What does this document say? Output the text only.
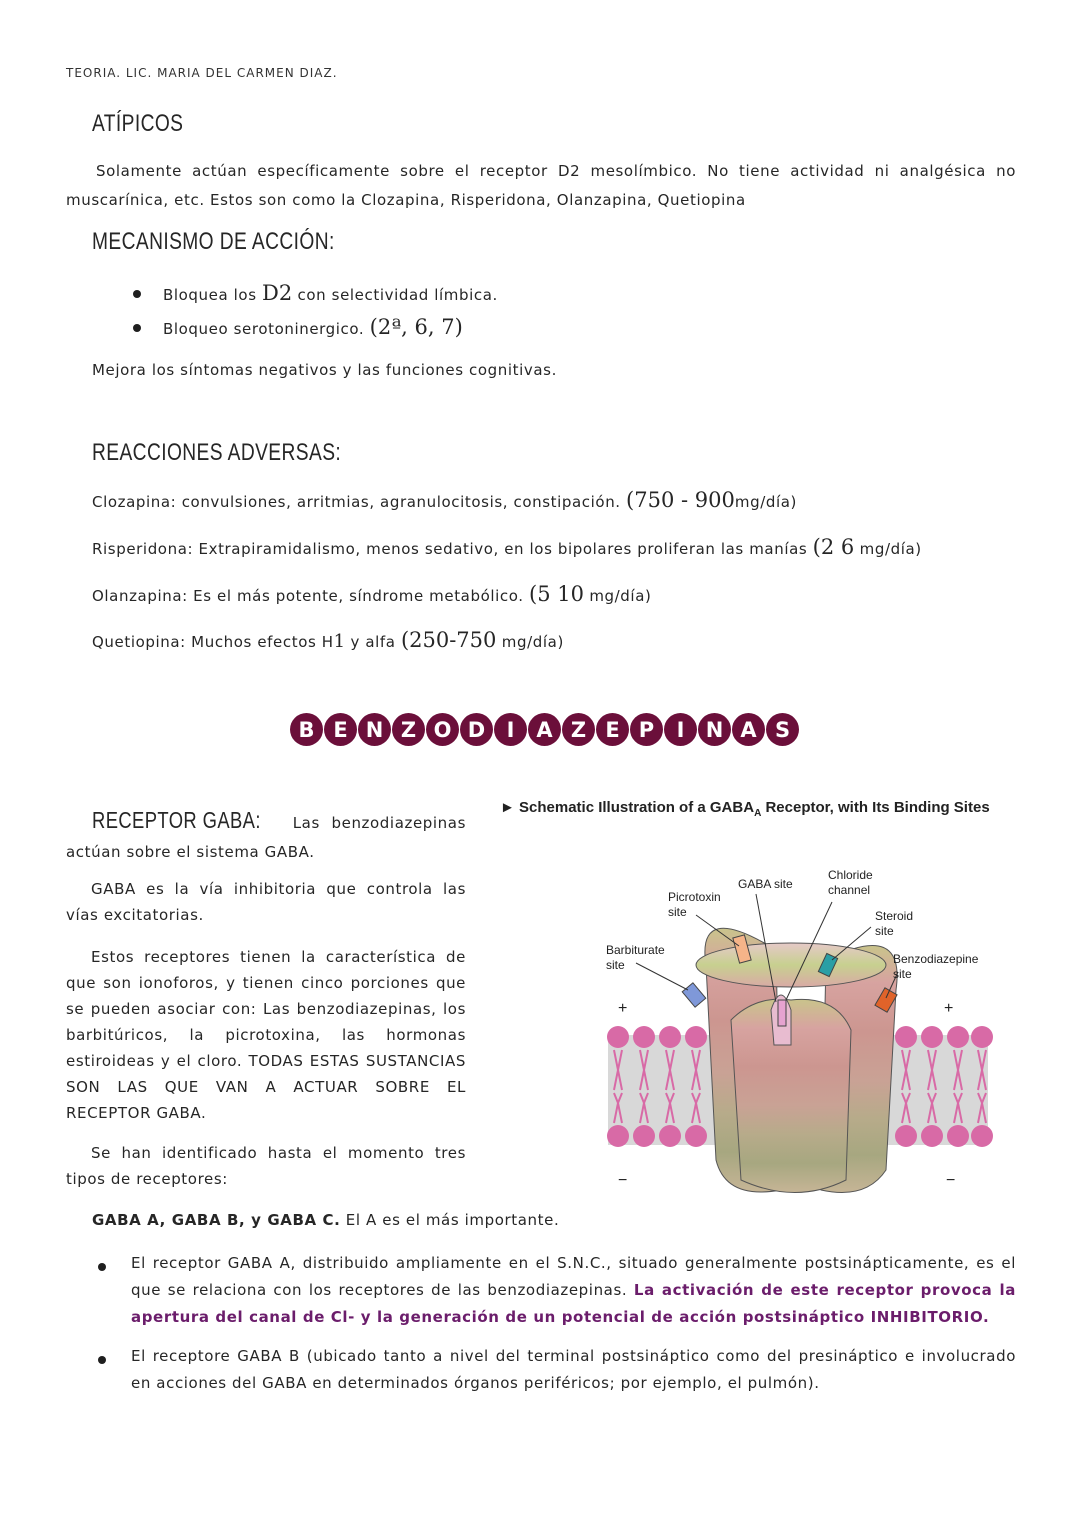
TEORIA. LIC. MARIA DEL CARMEN DIAZ.
ATÍPICOS
Solamente actúan específicamente sobre el receptor D2 mesolímbico. No tiene actividad ni analgésica no muscarínica, etc. Estos son como la Clozapina, Risperidona, Olanzapina, Quetiopina
MECANISMO DE ACCIÓN:
Bloquea los D2 con selectividad límbica.
Bloqueo serotoninergico. (2ª, 6, 7)
Mejora los síntomas negativos y las funciones cognitivas.
REACCIONES ADVERSAS:
Clozapina: convulsiones, arritmias, agranulocitosis, constipación. (750 - 900mg/día)
Risperidona: Extrapiramidalismo, menos sedativo, en los bipolares proliferan las manías (2 6 mg/día)
Olanzapina: Es el más potente, síndrome metabólico. (5 10 mg/día)
Quetiopina: Muchos efectos H1 y alfa (250-750 mg/día)
B E N Z O D	I	A Z E P	I	N A S
RECEPTOR GABA: Las benzodiazepinas actúan sobre el sistema GABA.
GABA es la vía inhibitoria que controla las vías excitatorias.
Estos receptores tienen la característica de que son ionoforos, y tienen cinco porciones que se pueden asociar con: Las benzodiazepinas, los barbitúricos, la picrotoxina, las hormonas estiroideas y el cloro. TODAS ESTAS SUSTANCIAS SON LAS QUE VAN A ACTUAR SOBRE EL RECEPTOR GABA.
Se han identificado hasta el momento tres tipos de receptores:
GABA A, GABA B, y GABA C. El A es el más importante.
► Schematic Illustration of a $GABA_A$ Receptor, with Its Binding Sites
Picrotoxin
site
GABA site
Chloride
channel
Steroid
site
Barbiturate
site	Benzodiazepine
site
+	+
−	−
El receptor GABA A, distribuido ampliamente en el S.N.C., situado generalmente postsinápticamente, es el que se relaciona con los receptores de las benzodiazepinas. La activación de este receptor provoca la apertura del canal de Cl- y la generación de un potencial de acción postsináptico INHIBITORIO.
El receptore GABA B (ubicado tanto a nivel del terminal postsináptico como del presináptico e involucrado en acciones del GABA en determinados órganos periféricos; por ejemplo, el pulmón).
